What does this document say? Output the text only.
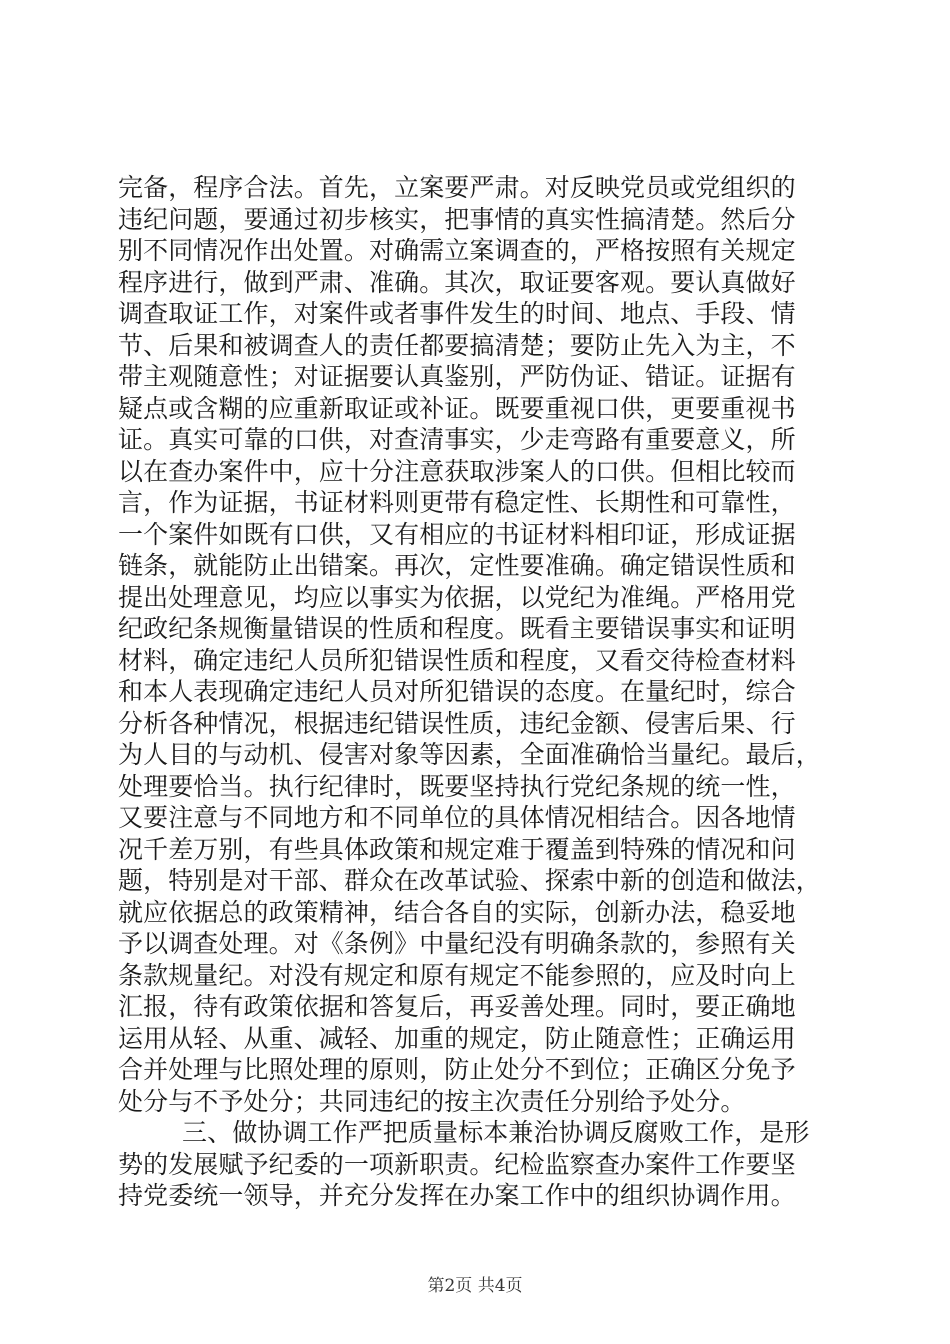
完备，程序合法。首先，立案要严肃。对反映党员或党组织的
违纪问题，要通过初步核实，把事情的真实性搞清楚。然后分
别不同情况作出处置。对确需立案调查的，严格按照有关规定
程序进行，做到严肃、准确。其次，取证要客观。要认真做好
调查取证工作，对案件或者事件发生的时间、地点、手段、情
节、后果和被调查人的责任都要搞清楚；要防止先入为主，不
带主观随意性；对证据要认真鉴别，严防伪证、错证。证据有
疑点或含糊的应重新取证或补证。既要重视口供，更要重视书
证。真实可靠的口供，对查清事实，少走弯路有重要意义，所
以在查办案件中，应十分注意获取涉案人的口供。但相比较而
言，作为证据，书证材料则更带有稳定性、长期性和可靠性，
一个案件如既有口供，又有相应的书证材料相印证，形成证据
链条，就能防止出错案。再次，定性要准确。确定错误性质和
提出处理意见，均应以事实为依据，以党纪为准绳。严格用党
纪政纪条规衡量错误的性质和程度。既看主要错误事实和证明
材料，确定违纪人员所犯错误性质和程度，又看交待检查材料
和本人表现确定违纪人员对所犯错误的态度。在量纪时，综合
分析各种情况，根据违纪错误性质，违纪金额、侵害后果、行
为人目的与动机、侵害对象等因素，全面准确恰当量纪。最后，
处理要恰当。执行纪律时，既要坚持执行党纪条规的统一性，
又要注意与不同地方和不同单位的具体情况相结合。因各地情
况千差万别，有些具体政策和规定难于覆盖到特殊的情况和问
题，特别是对干部、群众在改革试验、探索中新的创造和做法，
就应依据总的政策精神，结合各自的实际，创新办法，稳妥地
予以调查处理。对《条例》中量纪没有明确条款的，参照有关
条款规量纪。对没有规定和原有规定不能参照的，应及时向上
汇报，待有政策依据和答复后，再妥善处理。同时，要正确地
运用从轻、从重、减轻、加重的规定，防止随意性；正确运用
合并处理与比照处理的原则，防止处分不到位；正确区分免予
处分与不予处分；共同违纪的按主次责任分别给予处分。
三、做协调工作严把质量标本兼治协调反腐败工作，是形
势的发展赋予纪委的一项新职责。纪检监察查办案件工作要坚
持党委统一领导，并充分发挥在办案工作中的组织协调作用。
第2页 共4页
